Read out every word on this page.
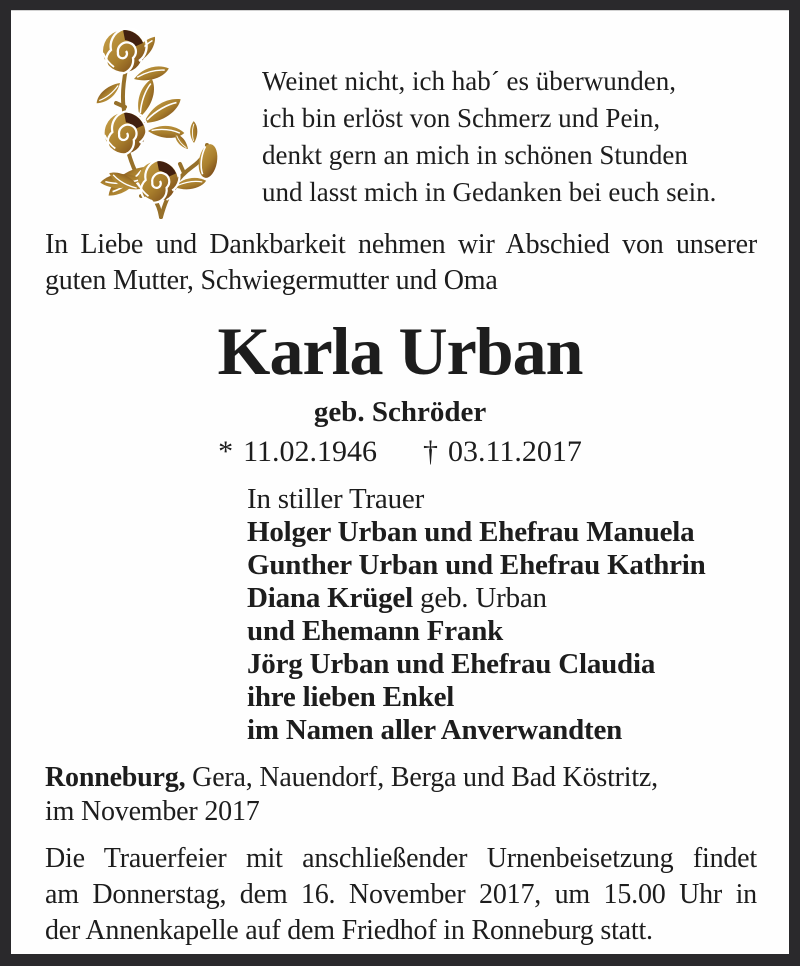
Weinet nicht, ich hab´ es überwunden,
ich bin erlöst von Schmerz und Pein,
denkt gern an mich in schönen Stunden
und lasst mich in Gedanken bei euch sein.
In Liebe und Dankbarkeit nehmen wir Abschied von unserer
guten Mutter, Schwiegermutter und Oma
Karla Urban
geb. Schröder
* 11.02.1946 † 03.11.2017
In stiller Trauer
Holger Urban und Ehefrau Manuela
Gunther Urban und Ehefrau Kathrin
Diana Krügel geb. Urban
und Ehemann Frank
Jörg Urban und Ehefrau Claudia
ihre lieben Enkel
im Namen aller Anverwandten
Ronneburg, Gera, Nauendorf, Berga und Bad Köstritz,
im November 2017
Die Trauerfeier mit anschließender Urnenbeisetzung findet
am Donnerstag, dem 16. November 2017, um 15.00 Uhr in
der Annenkapelle auf dem Friedhof in Ronneburg statt.
